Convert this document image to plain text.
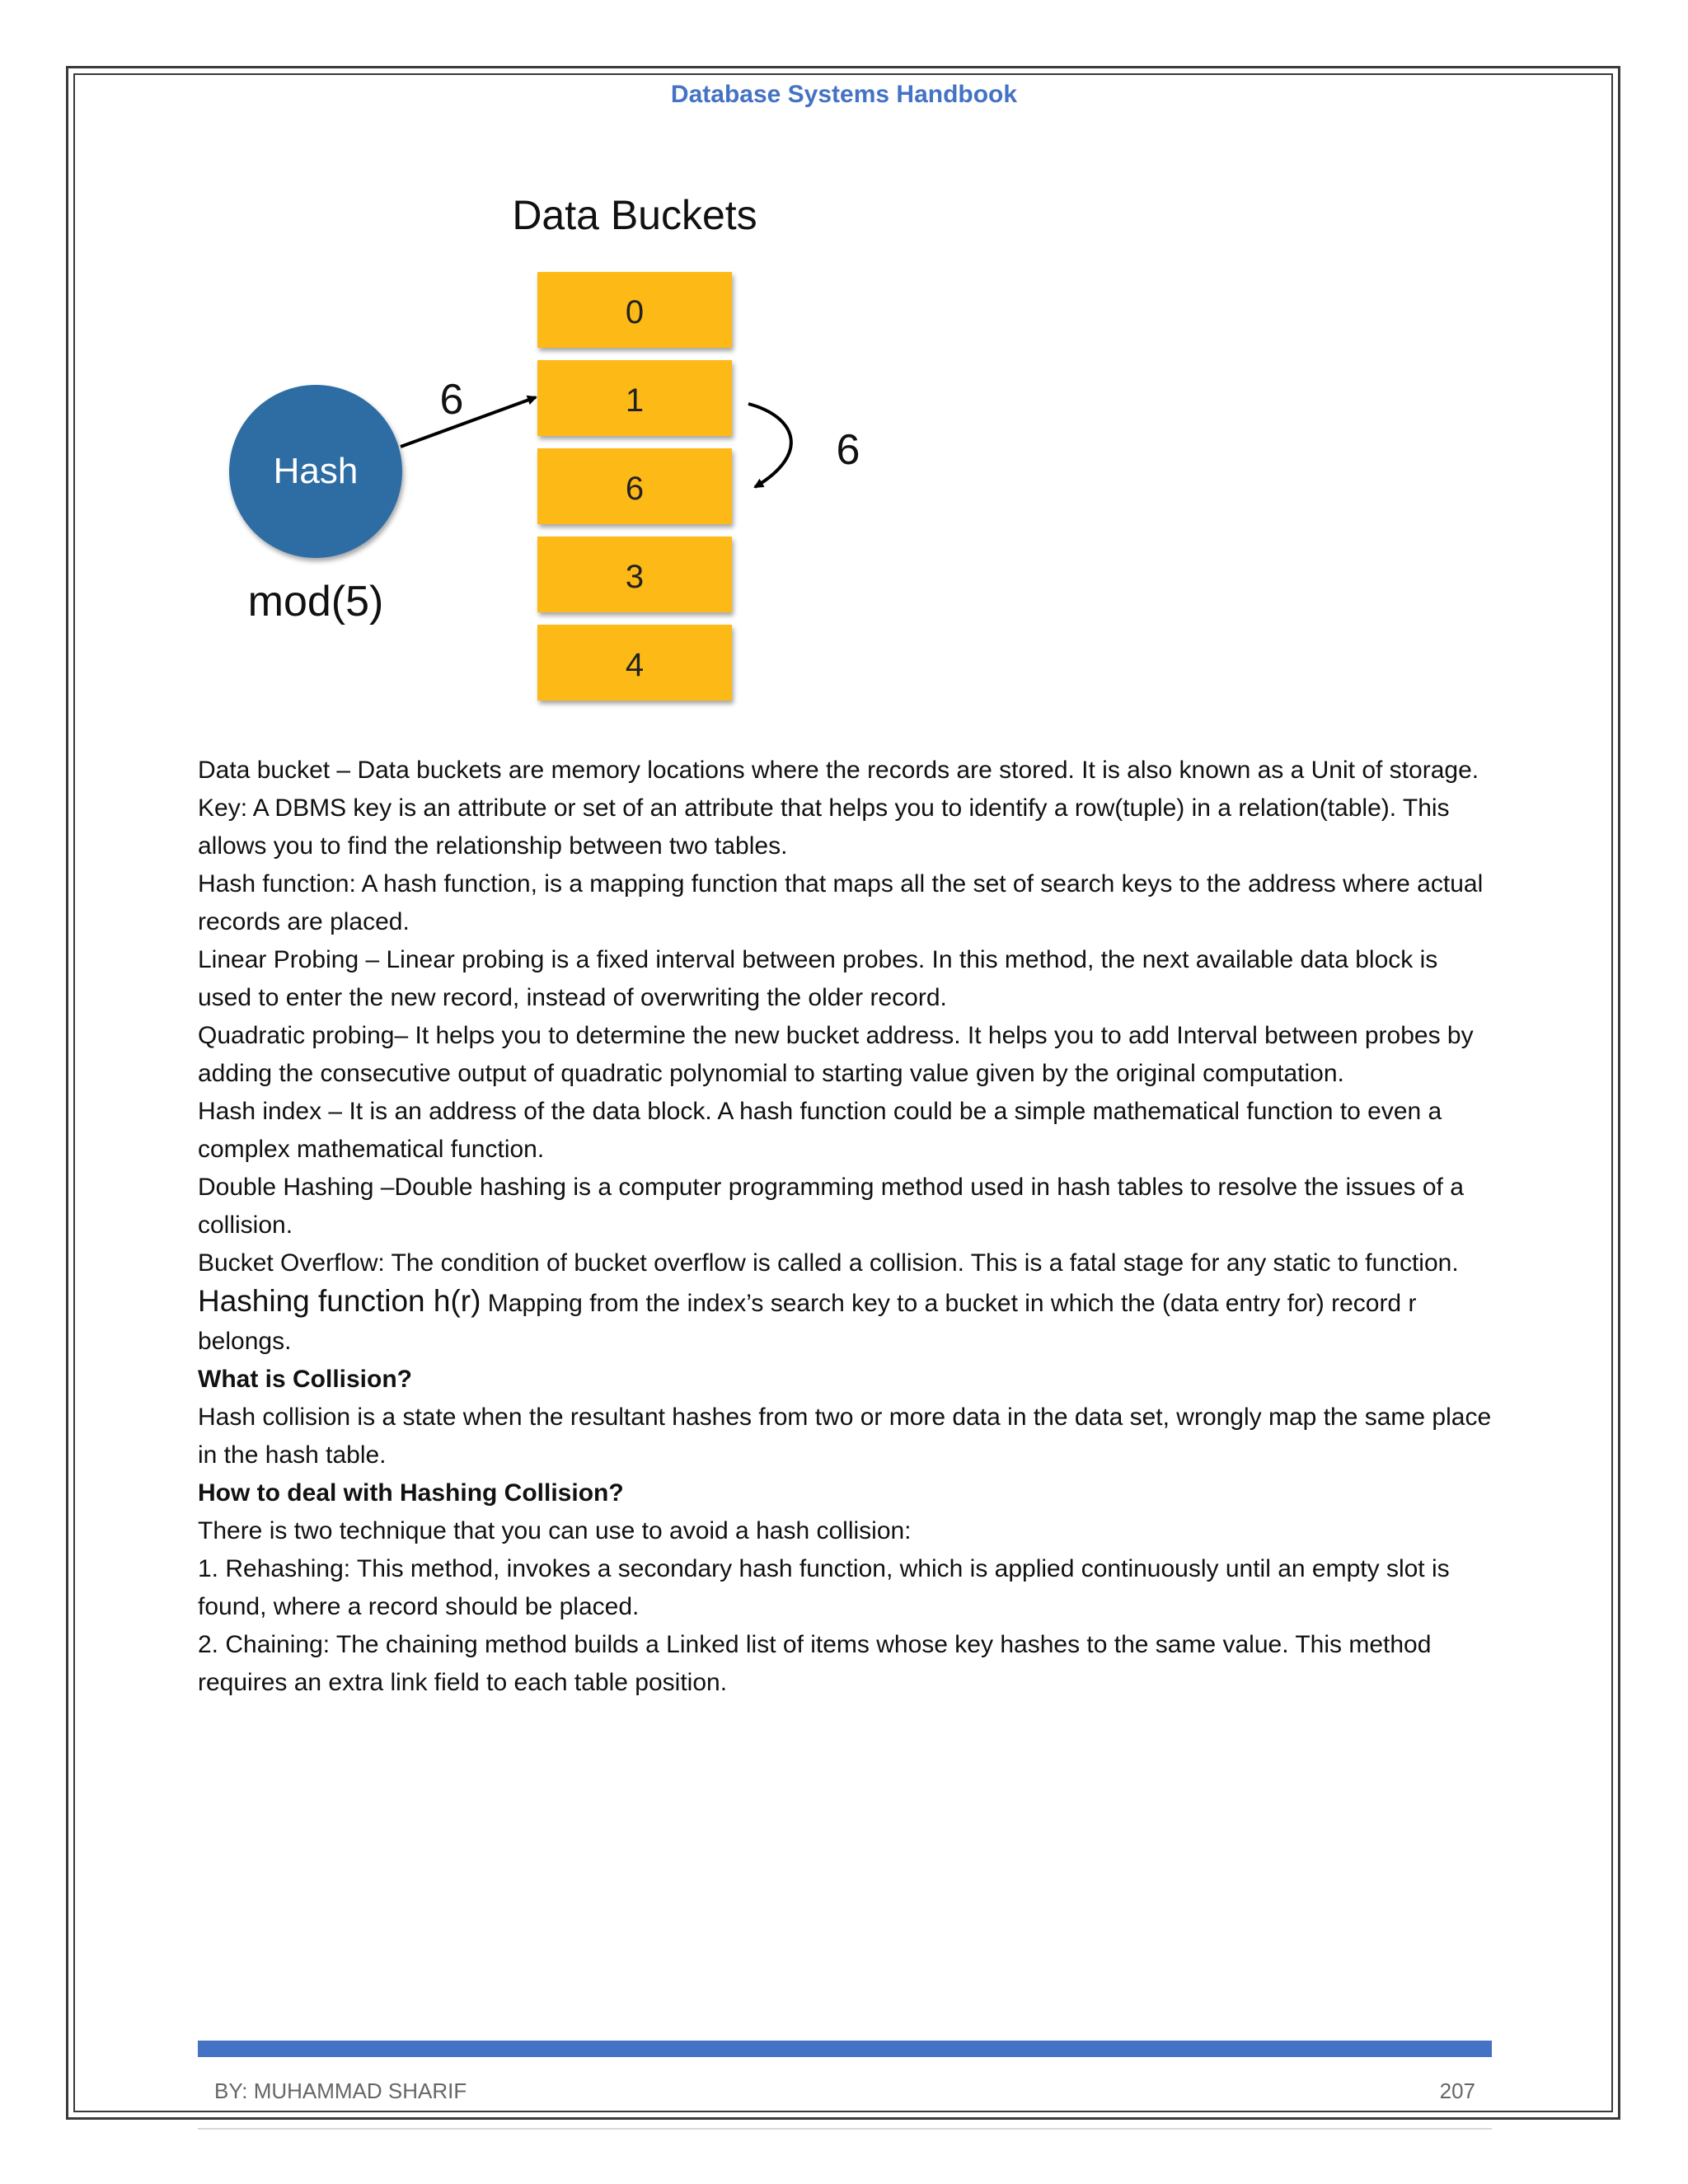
Database Systems Handbook
Data Buckets
0
1
6
3
4
Hash
mod(5)
6
6

Data bucket – Data buckets are memory locations where the records are stored. It is also known as a Unit of storage.

Key: A DBMS key is an attribute or set of an attribute that helps you to identify a row(tuple) in a relation(table). This allows you to find the relationship between two tables.

Hash function: A hash function, is a mapping function that maps all the set of search keys to the address where actual records are placed.

Linear Probing – Linear probing is a fixed interval between probes. In this method, the next available data block is used to enter the new record, instead of overwriting the older record.

Quadratic probing– It helps you to determine the new bucket address. It helps you to add Interval between probes by adding the consecutive output of quadratic polynomial to starting value given by the original computation.

Hash index – It is an address of the data block. A hash function could be a simple mathematical function to even a complex mathematical function.

Double Hashing –Double hashing is a computer programming method used in hash tables to resolve the issues of a collision.

Bucket Overflow: The condition of bucket overflow is called a collision. This is a fatal stage for any static to function.

Hashing function h(r) Mapping from the index’s search key to a bucket in which the (data entry for) record r belongs.

What is Collision?

Hash collision is a state when the resultant hashes from two or more data in the data set, wrongly map the same place in the hash table.

How to deal with Hashing Collision?

There is two technique that you can use to avoid a hash collision:

1. Rehashing: This method, invokes a secondary hash function, which is applied continuously until an empty slot is found, where a record should be placed.

2. Chaining: The chaining method builds a Linked list of items whose key hashes to the same value. This method requires an extra link field to each table position.

BY: MUHAMMAD SHARIF	207
